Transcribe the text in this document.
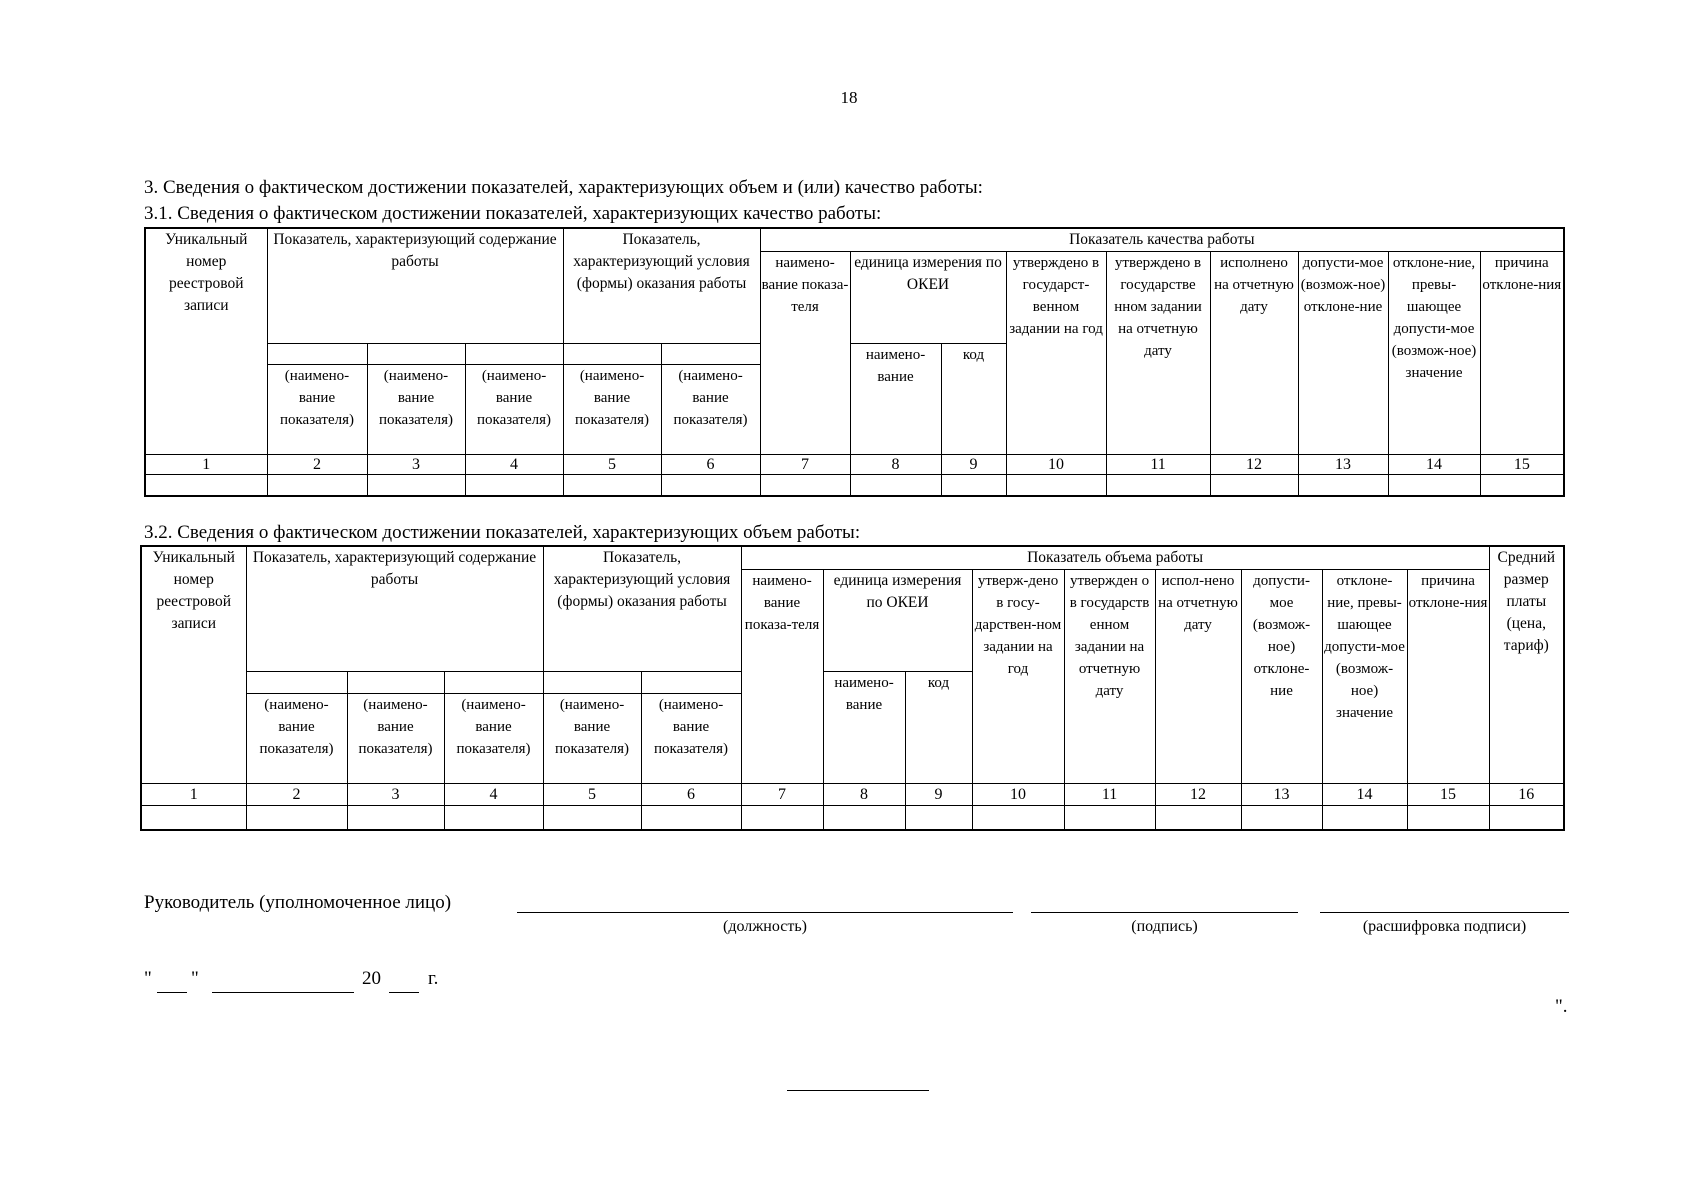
18
3. Сведения о фактическом достижении показателей, характеризующих объем и (или) качество работы:
3.1. Сведения о фактическом достижении показателей, характеризующих качество работы:
Уникальный номер реестровой записи	Показатель, характеризующий содержание работы			Показатель, характеризующий условия (формы) оказания работы		Показатель качества работы								
						наимено-вание показа-теля	единица измерения по ОКЕИ		утверждено в государст-венном задании на год	утверждено в государстве нном задании на отчетную дату	исполнено на отчетную дату	допусти-мое (возмож-ное) отклоне-ние	отклоне-ние, превы-шающее допусти-мое (возмож-ное) значение	причина отклоне-ния
							наимено-вание	код						
	(наимено-вание показателя)	(наимено-вание показателя)	(наимено-вание показателя)	(наимено-вание показателя)	(наимено-вание показателя)									
1	2	3	4	5	6	7	8	9	10	11	12	13	14	15

3.2. Сведения о фактическом достижении показателей, характеризующих объем работы:
Уникальный номер реестровой записи	Показатель, характеризующий содержание работы			Показатель, характеризующий условия (формы) оказания работы		Показатель объема работы									Средний размер платы (цена, тариф)
						наимено-вание показа-теля	единица измерения по ОКЕИ		утверж-дено в госу-дарствен-ном задании на год	утвержден о в государств енном задании на отчетную дату	испол-нено на отчетную дату	допусти-мое (возмож-ное) отклоне-ние	отклоне-ние, превы-шающее допусти-мое (возмож-ное) значение	причина отклоне-ния	
							наимено-вание	код							
	(наимено-вание показателя)	(наимено-вание показателя)	(наимено-вание показателя)	(наимено-вание показателя)	(наимено-вание показателя)										
1	2	3	4	5	6	7	8	9	10	11	12	13	14	15	16

Руководитель (уполномоченное лицо)
(должность)	(подпись)	(расшифровка подписи)
" "	20 г.
".
